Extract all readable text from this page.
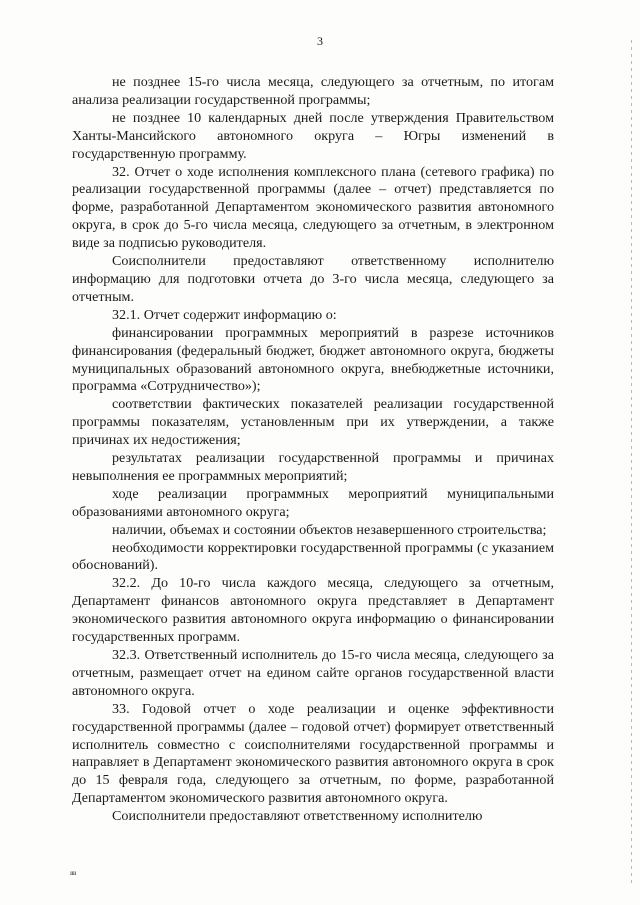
3

не позднее 15-го числа месяца, следующего за отчетным, по итогам анализа реализации государственной программы;

не позднее 10 календарных дней после утверждения Правительством Ханты-Мансийского автономного округа – Югры изменений в государственную программу.

32. Отчет о ходе исполнения комплексного плана (сетевого графика) по реализации государственной программы (далее – отчет) представляется по форме, разработанной Департаментом экономического развития автономного округа, в срок до 5-го числа месяца, следующего за отчетным, в электронном виде за подписью руководителя.

Соисполнители предоставляют ответственному исполнителю информацию для подготовки отчета до 3-го числа месяца, следующего за отчетным.

32.1. Отчет содержит информацию о:

финансировании программных мероприятий в разрезе источников финансирования (федеральный бюджет, бюджет автономного округа, бюджеты муниципальных образований автономного округа, внебюджетные источники, программа «Сотрудничество»);

соответствии фактических показателей реализации государственной программы показателям, установленным при их утверждении, а также причинах их недостижения;

результатах реализации государственной программы и причинах невыполнения ее программных мероприятий;

ходе реализации программных мероприятий муниципальными образованиями автономного округа;

наличии, объемах и состоянии объектов незавершенного строительства;

необходимости корректировки государственной программы (с указанием обоснований).

32.2. До 10-го числа каждого месяца, следующего за отчетным, Департамент финансов автономного округа представляет в Департамент экономического развития автономного округа информацию о финансировании государственных программ.

32.3. Ответственный исполнитель до 15-го числа месяца, следующего за отчетным, размещает отчет на едином сайте органов государственной власти автономного округа.

33. Годовой отчет о ходе реализации и оценке эффективности государственной программы (далее – годовой отчет) формирует ответственный исполнитель совместно с соисполнителями государственной программы и направляет в Департамент экономического развития автономного округа в срок до 15 февраля года, следующего за отчетным, по форме, разработанной Департаментом экономического развития автономного округа.

Соисполнители предоставляют ответственному исполнителю

ıııı
